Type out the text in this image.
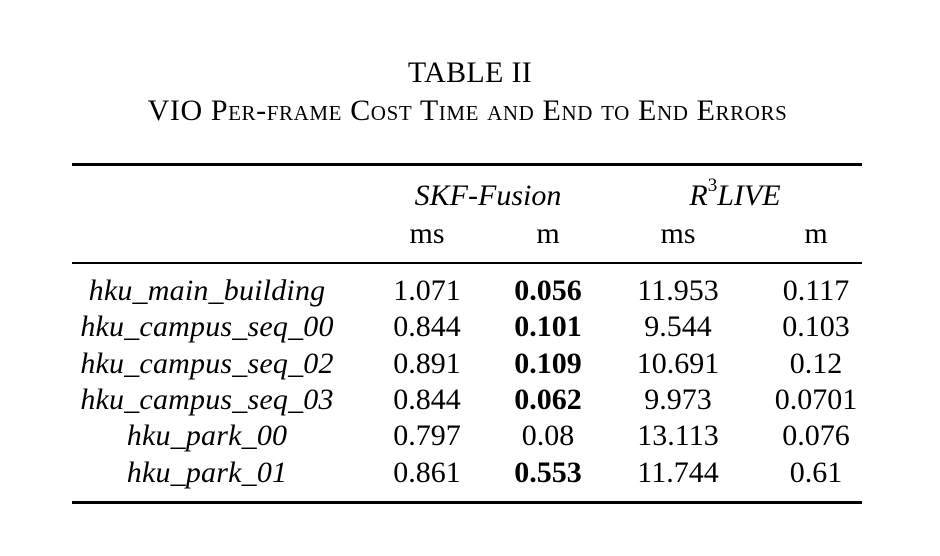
TABLE II
VIO Per-frame Cost Time and End to End Errors
SKF-Fusion	$R^3LIVE$
ms	m	ms	m
hku_main_building 1.071 0.056 11.953 0.117
hku_campus_seq_00 0.844 0.101 9.544 0.103
hku_campus_seq_02 0.891 0.109 10.691 0.12
hku_campus_seq_03 0.844 0.062 9.973 0.0701
hku_park_00	0.797 0.08 13.113 0.076
hku_park_01	0.861 0.553 11.744 0.61
